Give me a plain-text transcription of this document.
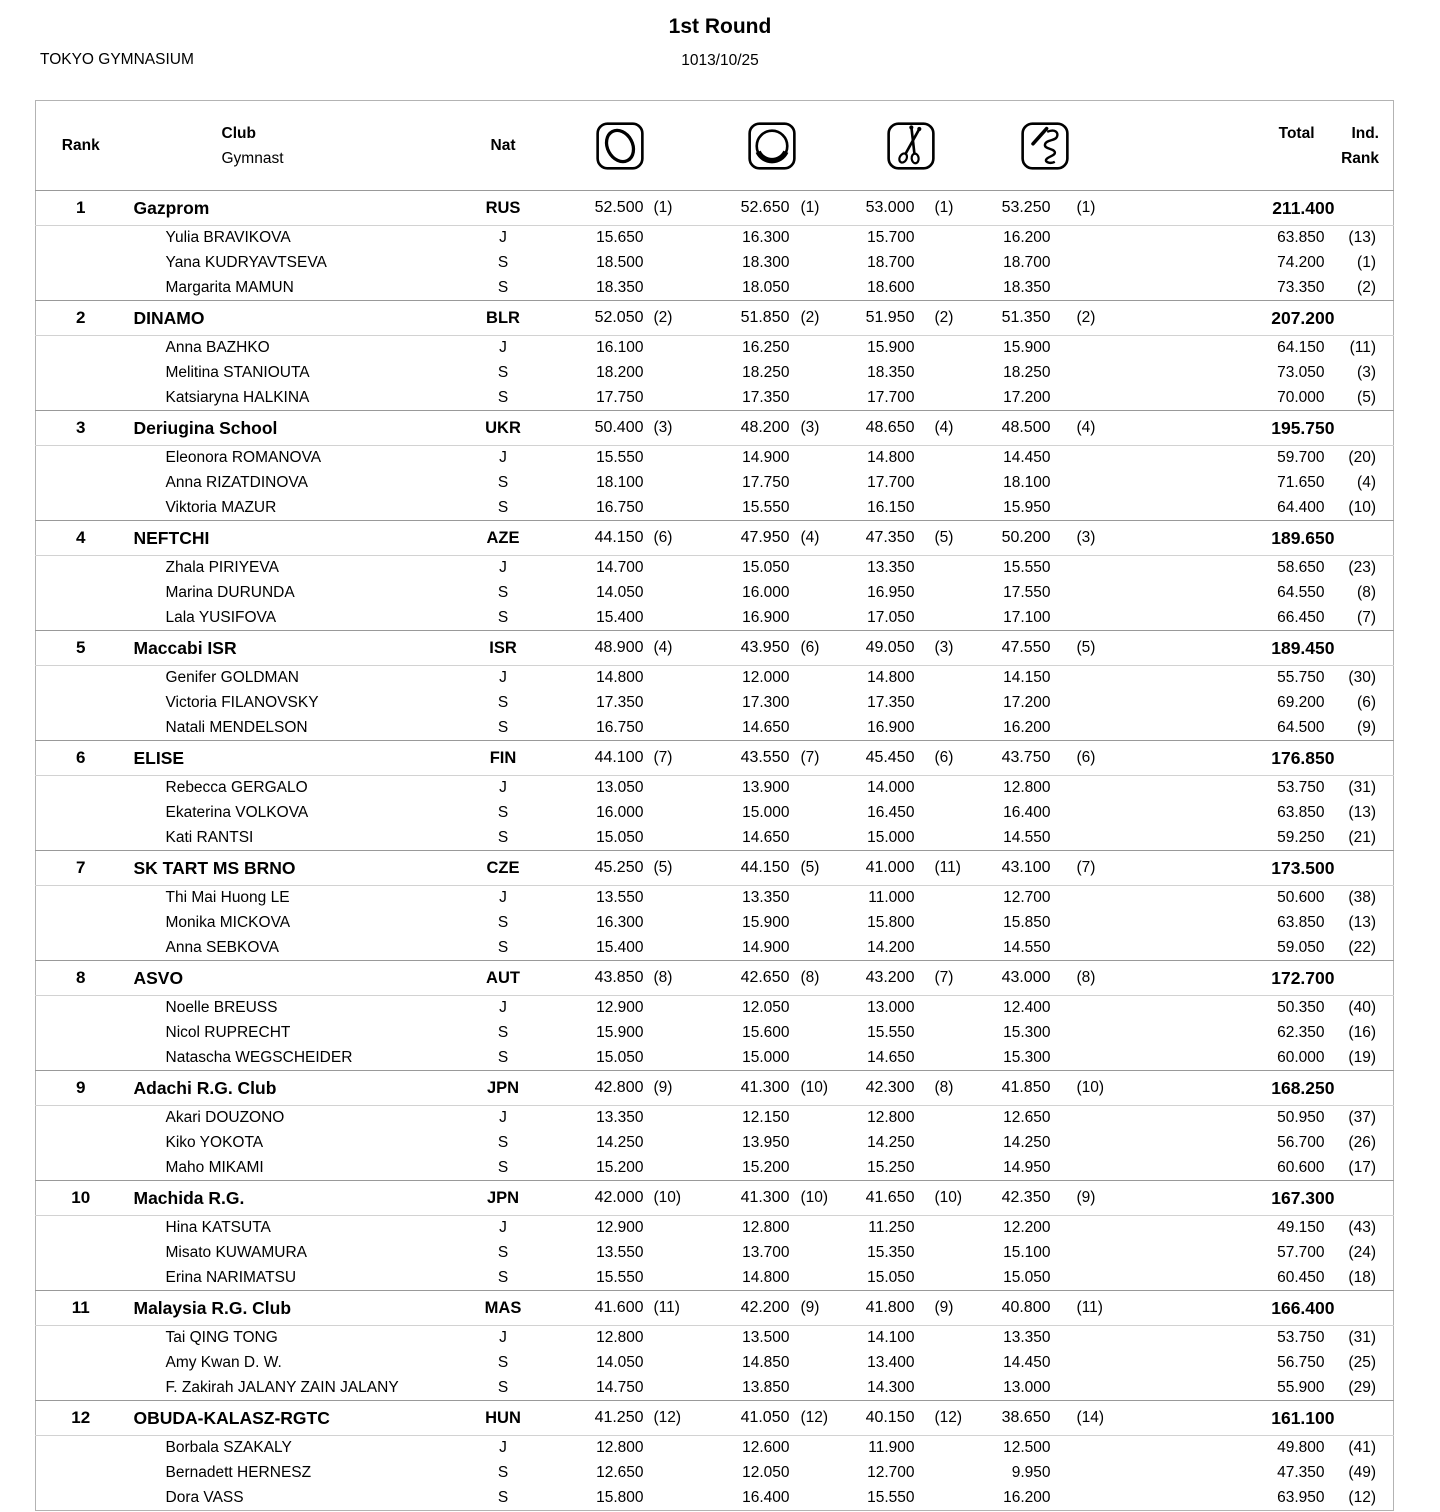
1st Round
TOKYO GYMNASIUM	1013/10/25
Rank	Club
Gymnast	Nat									Total	Ind.
Rank

1	Gazprom	RUS	52.500	(1)	52.650	(1)	53.000	(1)	53.250	(1)	211.400	
	Yulia BRAVIKOVA	J	15.650		16.300		15.700		16.200		63.850	(13)
	Yana KUDRYAVTSEVA	S	18.500		18.300		18.700		18.700		74.200	(1)
	Margarita MAMUN	S	18.350		18.050		18.600		18.350		73.350	(2)
2	DINAMO	BLR	52.050	(2)	51.850	(2)	51.950	(2)	51.350	(2)	207.200	
	Anna BAZHKO	J	16.100		16.250		15.900		15.900		64.150	(11)
	Melitina STANIOUTA	S	18.200		18.250		18.350		18.250		73.050	(3)
	Katsiaryna HALKINA	S	17.750		17.350		17.700		17.200		70.000	(5)
3	Deriugina School	UKR	50.400	(3)	48.200	(3)	48.650	(4)	48.500	(4)	195.750	
	Eleonora ROMANOVA	J	15.550		14.900		14.800		14.450		59.700	(20)
	Anna RIZATDINOVA	S	18.100		17.750		17.700		18.100		71.650	(4)
	Viktoria MAZUR	S	16.750		15.550		16.150		15.950		64.400	(10)
4	NEFTCHI	AZE	44.150	(6)	47.950	(4)	47.350	(5)	50.200	(3)	189.650	
	Zhala PIRIYEVA	J	14.700		15.050		13.350		15.550		58.650	(23)
	Marina DURUNDA	S	14.050		16.000		16.950		17.550		64.550	(8)
	Lala YUSIFOVA	S	15.400		16.900		17.050		17.100		66.450	(7)
5	Maccabi ISR	ISR	48.900	(4)	43.950	(6)	49.050	(3)	47.550	(5)	189.450	
	Genifer GOLDMAN	J	14.800		12.000		14.800		14.150		55.750	(30)
	Victoria FILANOVSKY	S	17.350		17.300		17.350		17.200		69.200	(6)
	Natali MENDELSON	S	16.750		14.650		16.900		16.200		64.500	(9)
6	ELISE	FIN	44.100	(7)	43.550	(7)	45.450	(6)	43.750	(6)	176.850	
	Rebecca GERGALO	J	13.050		13.900		14.000		12.800		53.750	(31)
	Ekaterina VOLKOVA	S	16.000		15.000		16.450		16.400		63.850	(13)
	Kati RANTSI	S	15.050		14.650		15.000		14.550		59.250	(21)
7	SK TART MS BRNO	CZE	45.250	(5)	44.150	(5)	41.000	(11)	43.100	(7)	173.500	
	Thi Mai Huong LE	J	13.550		13.350		11.000		12.700		50.600	(38)
	Monika MICKOVA	S	16.300		15.900		15.800		15.850		63.850	(13)
	Anna SEBKOVA	S	15.400		14.900		14.200		14.550		59.050	(22)
8	ASVO	AUT	43.850	(8)	42.650	(8)	43.200	(7)	43.000	(8)	172.700	
	Noelle BREUSS	J	12.900		12.050		13.000		12.400		50.350	(40)
	Nicol RUPRECHT	S	15.900		15.600		15.550		15.300		62.350	(16)
	Natascha WEGSCHEIDER	S	15.050		15.000		14.650		15.300		60.000	(19)
9	Adachi R.G. Club	JPN	42.800	(9)	41.300	(10)	42.300	(8)	41.850	(10)	168.250	
	Akari DOUZONO	J	13.350		12.150		12.800		12.650		50.950	(37)
	Kiko YOKOTA	S	14.250		13.950		14.250		14.250		56.700	(26)
	Maho MIKAMI	S	15.200		15.200		15.250		14.950		60.600	(17)
10	Machida R.G.	JPN	42.000	(10)	41.300	(10)	41.650	(10)	42.350	(9)	167.300	
	Hina KATSUTA	J	12.900		12.800		11.250		12.200		49.150	(43)
	Misato KUWAMURA	S	13.550		13.700		15.350		15.100		57.700	(24)
	Erina NARIMATSU	S	15.550		14.800		15.050		15.050		60.450	(18)
11	Malaysia R.G. Club	MAS	41.600	(11)	42.200	(9)	41.800	(9)	40.800	(11)	166.400	
	Tai QING TONG	J	12.800		13.500		14.100		13.350		53.750	(31)
	Amy Kwan D. W.	S	14.050		14.850		13.400		14.450		56.750	(25)
	F. Zakirah JALANY ZAIN JALANY	S	14.750		13.850		14.300		13.000		55.900	(29)
12	OBUDA-KALASZ-RGTC	HUN	41.250	(12)	41.050	(12)	40.150	(12)	38.650	(14)	161.100	
	Borbala SZAKALY	J	12.800		12.600		11.900		12.500		49.800	(41)
	Bernadett HERNESZ	S	12.650		12.050		12.700		9.950		47.350	(49)
	Dora VASS	S	15.800		16.400		15.550		16.200		63.950	(12)
